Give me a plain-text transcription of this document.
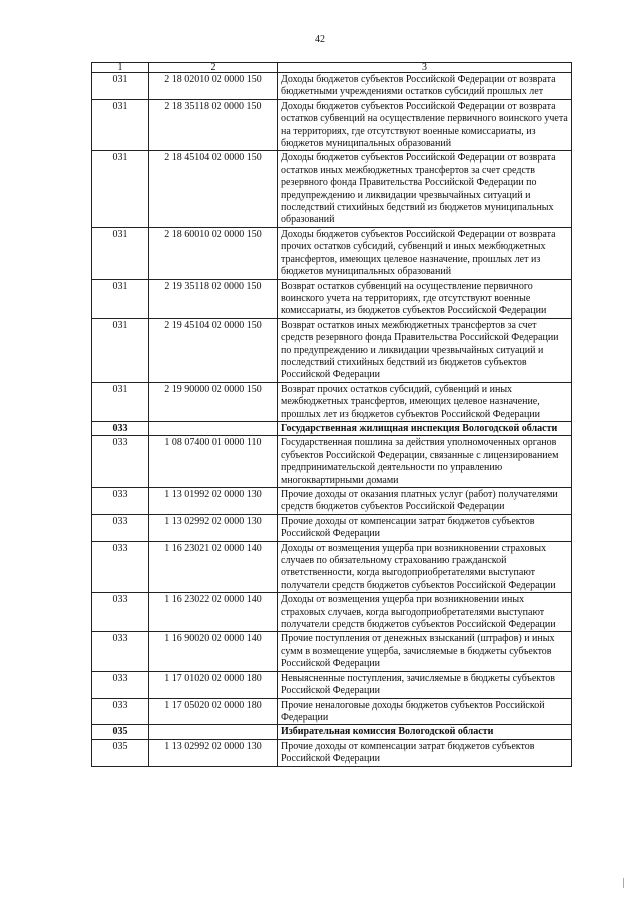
42
1	2	3
031	2 18 02010 02 0000 150	Доходы бюджетов субъектов Российской Федерации от возврата бюджетными учреждениями остатков субсидий прошлых лет
031	2 18 35118 02 0000 150	Доходы бюджетов субъектов Российской Федерации от возврата остатков субвенций на осуществление первичного воинского учета на территориях, где отсутствуют военные комиссариаты, из бюджетов муниципальных образований
031	2 18 45104 02 0000 150	Доходы бюджетов субъектов Российской Федерации от возврата остатков иных межбюджетных трансфертов за счет средств резервного фонда Правительства Российской Федерации по предупреждению и ликвидации чрезвычайных ситуаций и последствий стихийных бедствий из бюджетов муниципальных образований
031	2 18 60010 02 0000 150	Доходы бюджетов субъектов Российской Федерации от возврата прочих остатков субсидий, субвенций и иных межбюджетных трансфертов, имеющих целевое назначение, прошлых лет из бюджетов муниципальных образований
031	2 19 35118 02 0000 150	Возврат остатков субвенций на осуществление первичного воинского учета на территориях, где отсутствуют военные комиссариаты, из бюджетов субъектов Российской Федерации
031	2 19 45104 02 0000 150	Возврат остатков иных межбюджетных трансфертов за счет средств резервного фонда Правительства Российской Федерации по предупреждению и ликвидации чрезвычайных ситуаций и последствий стихийных бедствий из бюджетов субъектов Российской Федерации
031	2 19 90000 02 0000 150	Возврат прочих остатков субсидий, субвенций и иных межбюджетных трансфертов, имеющих целевое назначение, прошлых лет из бюджетов субъектов Российской Федерации
033		Государственная жилищная инспекция Вологодской области
033	1 08 07400 01 0000 110	Государственная пошлина за действия уполномоченных органов субъектов Российской Федерации, связанные с лицензированием предпринимательской деятельности по управлению многоквартирными домами
033	1 13 01992 02 0000 130	Прочие доходы от оказания платных услуг (работ) получателями средств бюджетов субъектов Российской Федерации
033	1 13 02992 02 0000 130	Прочие доходы от компенсации затрат бюджетов субъектов Российской Федерации
033	1 16 23021 02 0000 140	Доходы от возмещения ущерба при возникновении страховых случаев по обязательному страхованию гражданской ответственности, когда выгодоприобретателями выступают получатели средств бюджетов субъектов Российской Федерации
033	1 16 23022 02 0000 140	Доходы от возмещения ущерба при возникновении иных страховых случаев, когда выгодоприобретателями выступают получатели средств бюджетов субъектов Российской Федерации
033	1 16 90020 02 0000 140	Прочие поступления от денежных взысканий (штрафов) и иных сумм в возмещение ущерба, зачисляемые в бюджеты субъектов Российской Федерации
033	1 17 01020 02 0000 180	Невыясненные поступления, зачисляемые в бюджеты субъектов Российской Федерации
033	1 17 05020 02 0000 180	Прочие неналоговые доходы бюджетов субъектов Российской Федерации
035		Избирательная комиссия Вологодской области
035	1 13 02992 02 0000 130	Прочие доходы от компенсации затрат бюджетов субъектов Российской Федерации
